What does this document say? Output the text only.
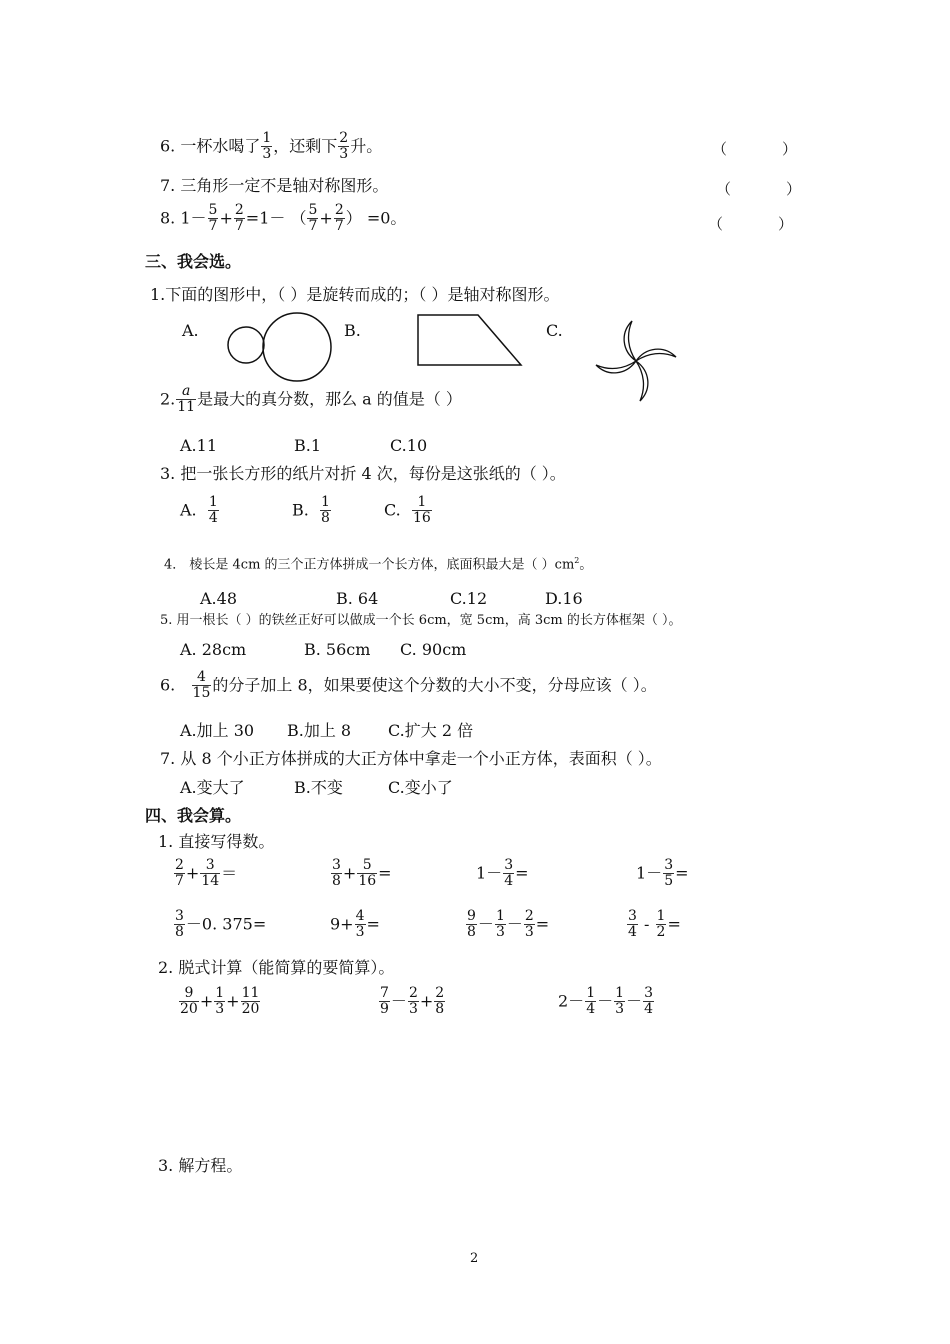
6. 一杯水喝了 $\frac{1}{3}$ ，还剩下 $\frac{2}{3}$ 升。	（	）
7. 三角形一定不是轴对称图形。	（	）
8. $1- \frac{5}{7} + \frac{2}{7} =1-$ （ $\frac{5}{7} + \frac{2}{7}$ ） =0。	（	）
三、我会选。
1.下面的图形中，（ ）是旋转而成的；（ ）是轴对称图形。
A.	B.	C.
2. $\frac{a}{11}$ 是最大的真分数，那么 a 的值是（ ）
A.11	B.1	C.10
3. 把一张长方形的纸片对折 4 次，每份是这张纸的（ ）。
A. $\frac{1}{4}$	B. $\frac{1}{8}$	C. $\frac{1}{16}$
4． 棱长是 4cm 的三个正方体拼成一个长方体，底面积最大是（ ）$cm^2$。
A.48	B. 64	C.12	D.16
5. 用一根长（ ）的铁丝正好可以做成一个长 6cm，宽 5cm，高 3cm 的长方体框架（ ）。
A. 28cm	B. 56cm C. 90cm
6. $\frac{4}{15}$ 的分子加上 8，如果要使这个分数的大小不变，分母应该（ ）。
A.加上 30 B.加上 8 C.扩大 2 倍
7. 从 8 个小正方体拼成的大正方体中拿走一个小正方体，表面积（ ）。
A.变大了	B.不变	C.变小了
四、我会算。
1. 直接写得数。
$\frac{2}{7} + \frac{3}{14}$ ＝	$\frac{3}{8} + \frac{5}{16}$ =	$1- \frac{3}{4}$ =	$1- \frac{3}{5}$ =
$\frac{3}{8} -0$. 375=	$9+ \frac{4}{3}$ =	$\frac{9}{8} - \frac{1}{3} - \frac{2}{3}$ =	$\frac{3}{4} - \frac{1}{2}$ =
2. 脱式计算（能简算的要简算）。
$\frac{9}{20} + \frac{1}{3} + \frac{11}{20}$	$\frac{7}{9} - \frac{2}{3} + \frac{2}{8}$	$2- \frac{1}{4} - \frac{1}{3} - \frac{3}{4}$
3. 解方程。
2
